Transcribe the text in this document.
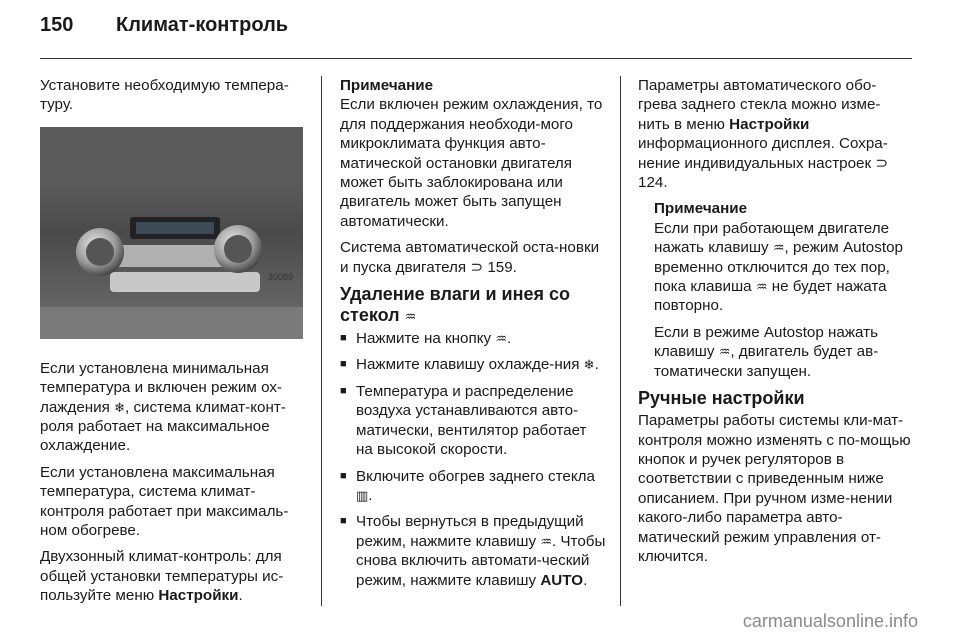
150 Климат-контроль

Установите необходимую темпера-туру.

30089

Если установлена минимальная температура и включен режим ох-лаждения ❄, система климат-конт-роля работает на максимальное охлаждение.

Если установлена максимальная температура, система климат-контроля работает при максималь-ном обогреве.

Двухзонный климат-контроль: для общей установки температуры ис-пользуйте меню Настройки.

Примечание

Если включен режим охлаждения, то для поддержания необходи-мого микроклимата функция авто-матической остановки двигателя может быть заблокирована или двигатель может быть запущен автоматически.

Система автоматической оста-новки и пуска двигателя ⊃ 159.

Удаление влаги и инея со стекол ♒
■ Нажмите на кнопку ♒.
■ Нажмите клавишу охлажде-ния ❄.
■ Температура и распределение воздуха устанавливаются авто-матически, вентилятор работает на высокой скорости.
■ Включите обогрев заднего стекла ▥.
■ Чтобы вернуться в предыдущий режим, нажмите клавишу ♒. Чтобы снова включить автомати-ческий режим, нажмите клавишу AUTO.

Параметры автоматического обо-грева заднего стекла можно изме-нить в меню Настройки информационного дисплея. Сохра-нение индивидуальных настроек ⊃ 124.

Примечание

Если при работающем двигателе нажать клавишу ♒, режим Autostop временно отключится до тех пор, пока клавиша ♒ не будет нажата повторно.

Если в режиме Autostop нажать клавишу ♒, двигатель будет ав-томатически запущен.

Ручные настройки

Параметры работы системы кли-мат-контроля можно изменять с по-мощью кнопок и ручек регуляторов в соответствии с приведенным ниже описанием. При ручном изме-нении какого-либо параметра авто-матический режим управления от-ключится.

carmanualsonline.info
